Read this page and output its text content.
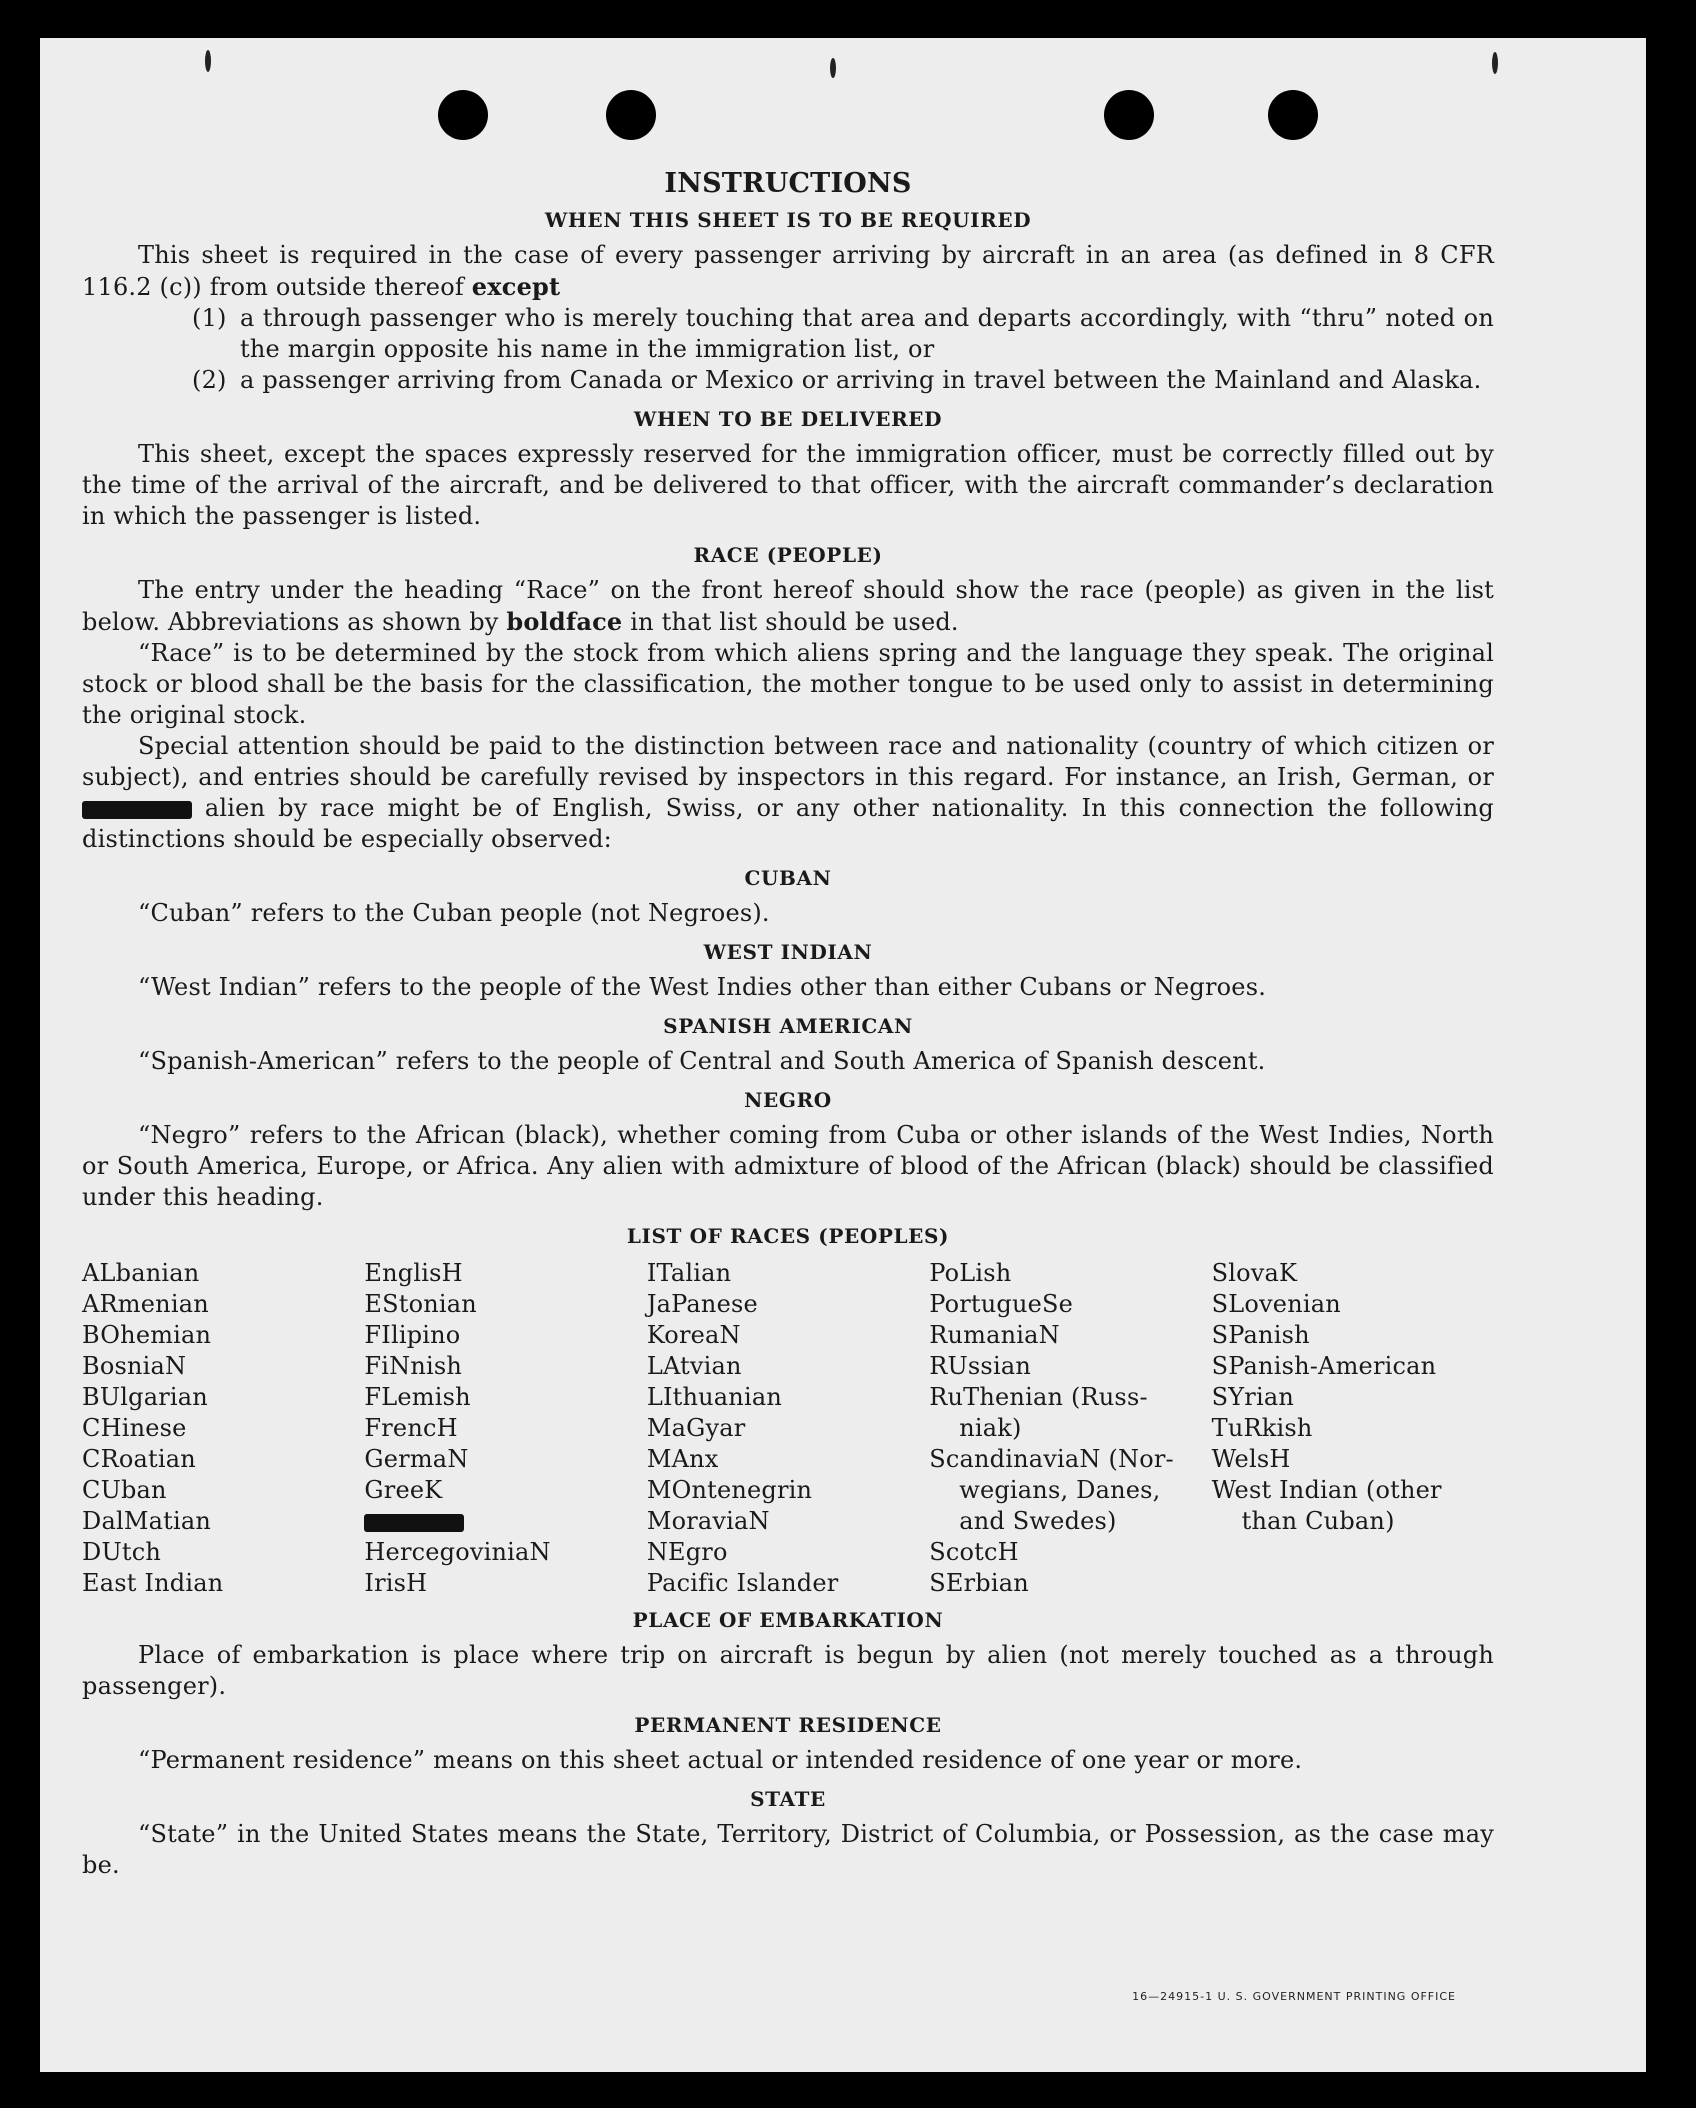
INSTRUCTIONS
WHEN THIS SHEET IS TO BE REQUIRED

This sheet is required in the case of every passenger arriving by aircraft in an area (as defined in 8 CFR 116.2 (c)) from outside thereof except

(1) a through passenger who is merely touching that area and departs accordingly, with “thru” noted on the margin opposite his name in the immigration list, or
(2) a passenger arriving from Canada or Mexico or arriving in travel between the Mainland and Alaska.
WHEN TO BE DELIVERED

This sheet, except the spaces expressly reserved for the immigration officer, must be correctly filled out by the time of the arrival of the aircraft, and be delivered to that officer, with the aircraft commander’s declaration in which the passenger is listed.

RACE (PEOPLE)

The entry under the heading “Race” on the front hereof should show the race (people) as given in the list below. Abbreviations as shown by boldface in that list should be used.

“Race” is to be determined by the stock from which aliens spring and the language they speak. The original stock or blood shall be the basis for the classification, the mother tongue to be used only to assist in determining the original stock.

Special attention should be paid to the distinction between race and nationality (country of which citizen or subject), and entries should be carefully revised by inspectors in this regard. For instance, an Irish, German, or  alien by race might be of English, Swiss, or any other nationality. In this connection the following distinctions should be especially observed:

CUBAN

“Cuban” refers to the Cuban people (not Negroes).

WEST INDIAN

“West Indian” refers to the people of the West Indies other than either Cubans or Negroes.

SPANISH AMERICAN

“Spanish-American” refers to the people of Central and South America of Spanish descent.

NEGRO

“Negro” refers to the African (black), whether coming from Cuba or other islands of the West Indies, North or South America, Europe, or Africa. Any alien with admixture of blood of the African (black) should be classified under this heading.

LIST OF RACES (PEOPLES)
ALbanian
ARmenian
BOhemian
BosniaN
BUlgarian
CHinese
CRoatian
CUban
DalMatian
DUtch
East Indian
EnglisH
EStonian
FIlipino
FiNnish
FLemish
FrencH
GermaN
GreeK
HercegoviniaN
IrisH
ITalian
JaPanese
KoreaN
LAtvian
LIthuanian
MaGyar
MAnx
MOntenegrin
MoraviaN
NEgro
Pacific Islander
PoLish
PortugueSe
RumaniaN
RUssian
RuThenian (Russ-
niak)
ScandinaviaN (Nor-
wegians, Danes,
and Swedes)
ScotcH
SErbian
SlovaK
SLovenian
SPanish
SPanish-American
SYrian
TuRkish
WelsH
West Indian (other
than Cuban)

PLACE OF EMBARKATION

Place of embarkation is place where trip on aircraft is begun by alien (not merely touched as a through passenger).

PERMANENT RESIDENCE

“Permanent residence” means on this sheet actual or intended residence of one year or more.

STATE

“State” in the United States means the State, Territory, District of Columbia, or Possession, as the case may be.

16—24915-1 U. S. GOVERNMENT PRINTING OFFICE
